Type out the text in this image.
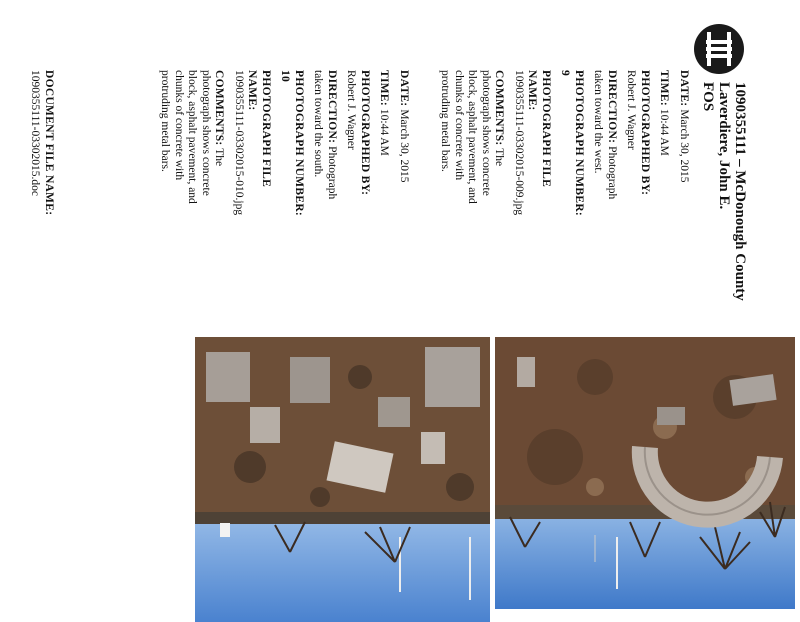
1090355111 – McDonough County
Laverdiere, John E.
FOS
DATE: March 30, 2015
TIME: 10:44 AM
PHOTOGRAPHED BY:
Robert J. Wagner
DIRECTION: Photograph taken toward the west.
PHOTOGRAPH NUMBER: 9
PHOTOGRAPH FILE NAME:
1090355111-03302015-009.jpg
COMMENTS: The photograph shows concrete block, asphalt pavement, and chunks of concrete with protruding metal bars.
DATE: March 30, 2015
TIME: 10:44 AM
PHOTOGRAPHED BY:
Robert J. Wagner
DIRECTION: Photograph taken toward the south.
PHOTOGRAPH NUMBER: 10
PHOTOGRAPH FILE NAME:
1090355111-03302015-010.jpg
COMMENTS: The photograph shows concrete block, asphalt pavement, and chunks of concrete with protruding metal bars.
DOCUMENT FILE NAME:
1090355111-03302015.doc
